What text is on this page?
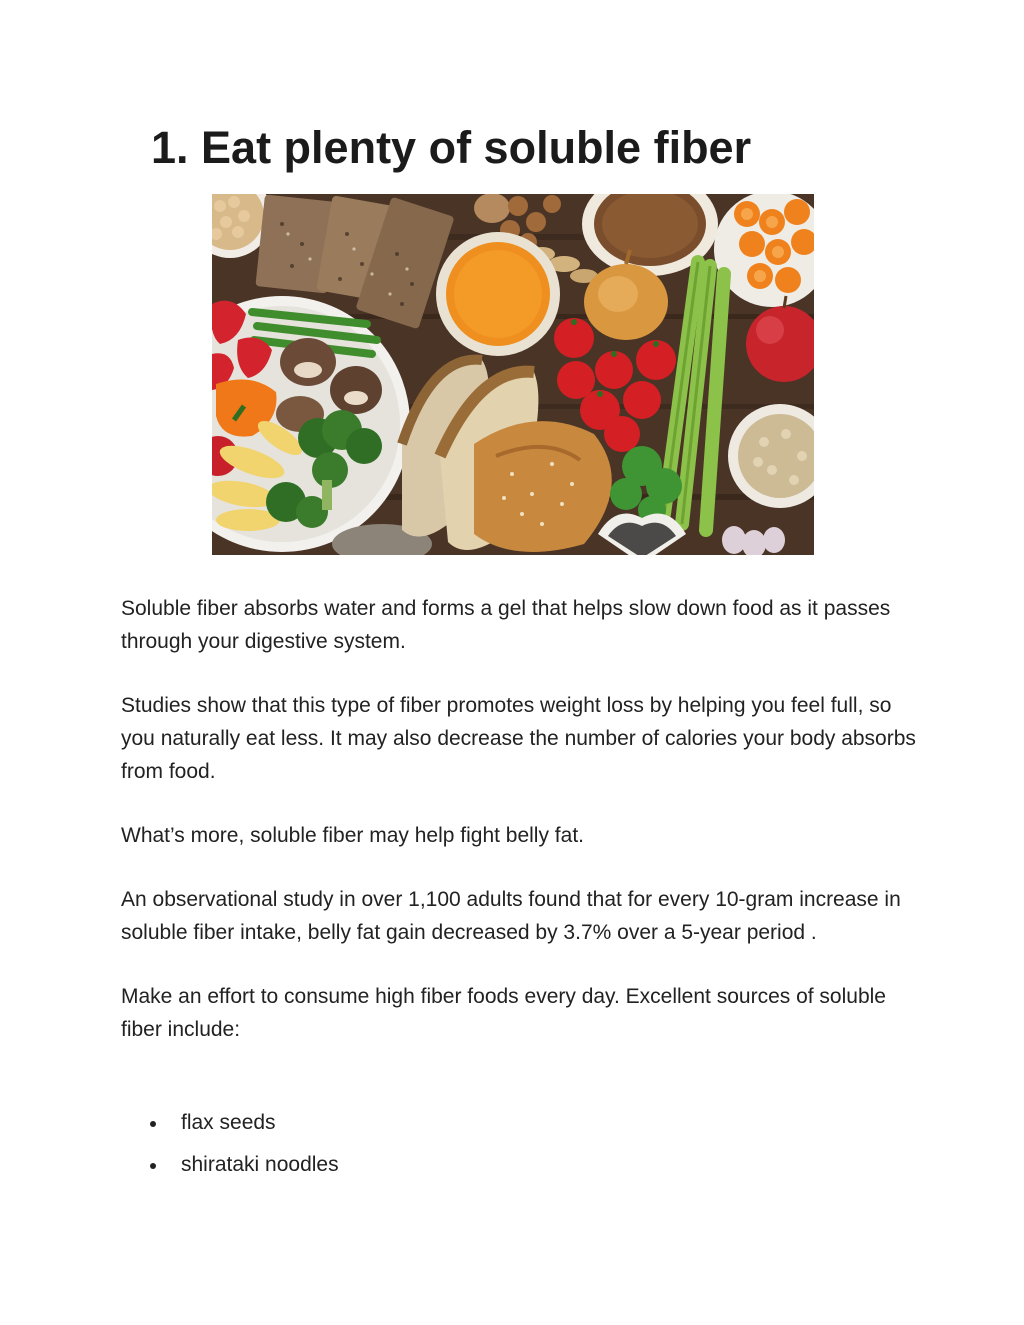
1. Eat plenty of soluble fiber

Soluble fiber absorbs water and forms a gel that helps slow down food as it passes through your digestive system.

Studies show that this type of fiber promotes weight loss by helping you feel full, so you naturally eat less. It may also decrease the number of calories your body absorbs from food.

What’s more, soluble fiber may help fight belly fat.

An observational study in over 1,100 adults found that for every 10-gram increase in soluble fiber intake, belly fat gain decreased by 3.7% over a 5-year period .

Make an effort to consume high fiber foods every day. Excellent sources of soluble fiber include:

flax seeds
shirataki noodles
